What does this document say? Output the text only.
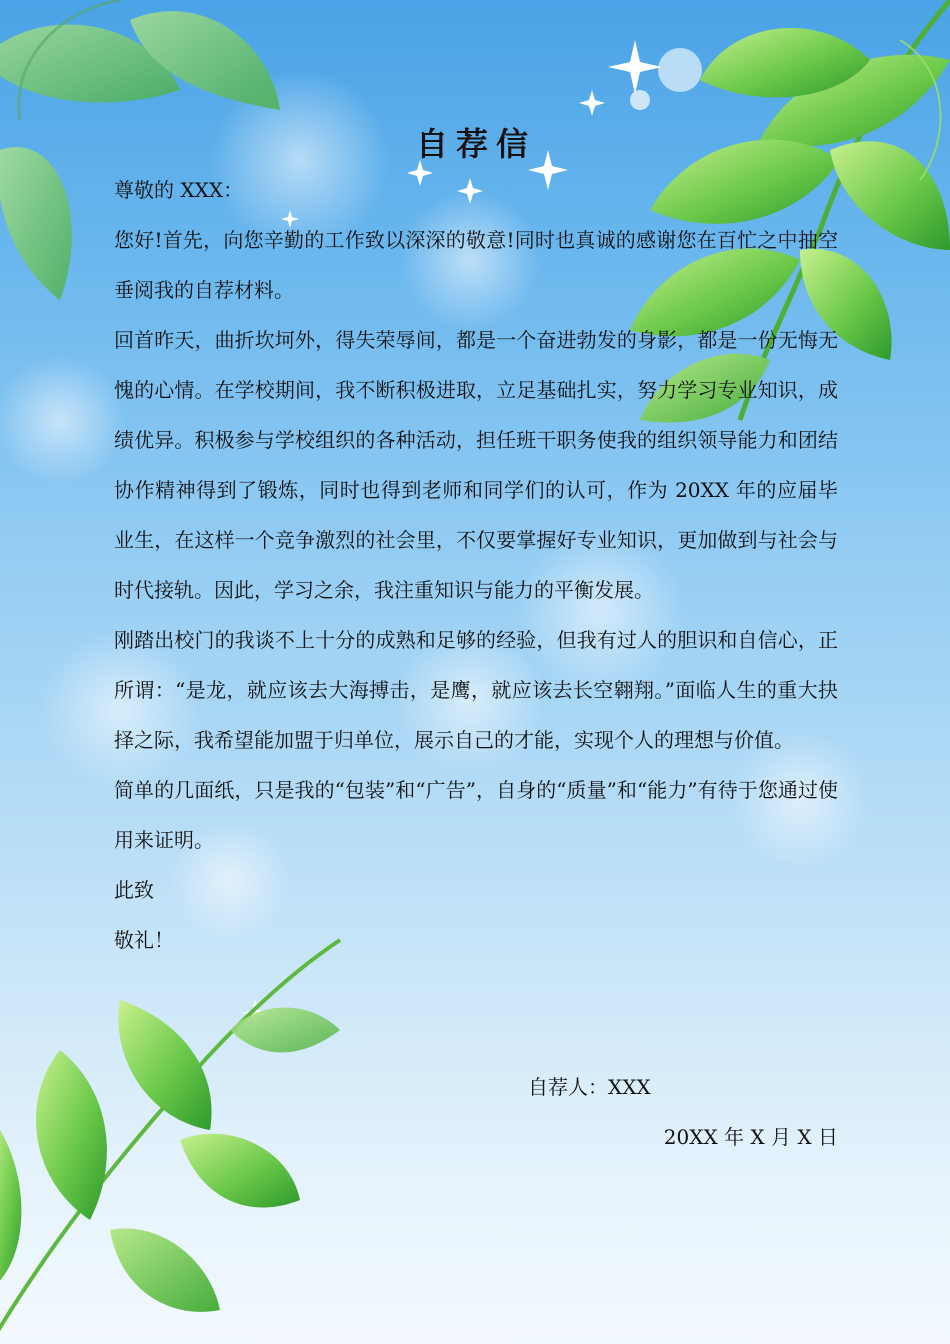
自荐信

尊敬的 XXX：

您好!首先，向您辛勤的工作致以深深的敬意!同时也真诚的感谢您在百忙之中抽空垂阅我的自荐材料。

回首昨天，曲折坎坷外，得失荣辱间，都是一个奋进勃发的身影，都是一份无悔无愧的心情。在学校期间，我不断积极进取，立足基础扎实，努力学习专业知识，成绩优异。积极参与学校组织的各种活动，担任班干职务使我的组织领导能力和团结协作精神得到了锻炼，同时也得到老师和同学们的认可，作为 20XX 年的应届毕业生，在这样一个竞争激烈的社会里，不仅要掌握好专业知识，更加做到与社会与时代接轨。因此，学习之余，我注重知识与能力的平衡发展。

刚踏出校门的我谈不上十分的成熟和足够的经验，但我有过人的胆识和自信心，正所谓：“是龙，就应该去大海搏击，是鹰，就应该去长空翱翔。”面临人生的重大抉择之际，我希望能加盟于归单位，展示自己的才能，实现个人的理想与价值。

简单的几面纸，只是我的“包装”和“广告”，自身的“质量”和“能力”有待于您通过使用来证明。

此致

敬礼！

自荐人：XXX
20XX 年 X 月 X 日
